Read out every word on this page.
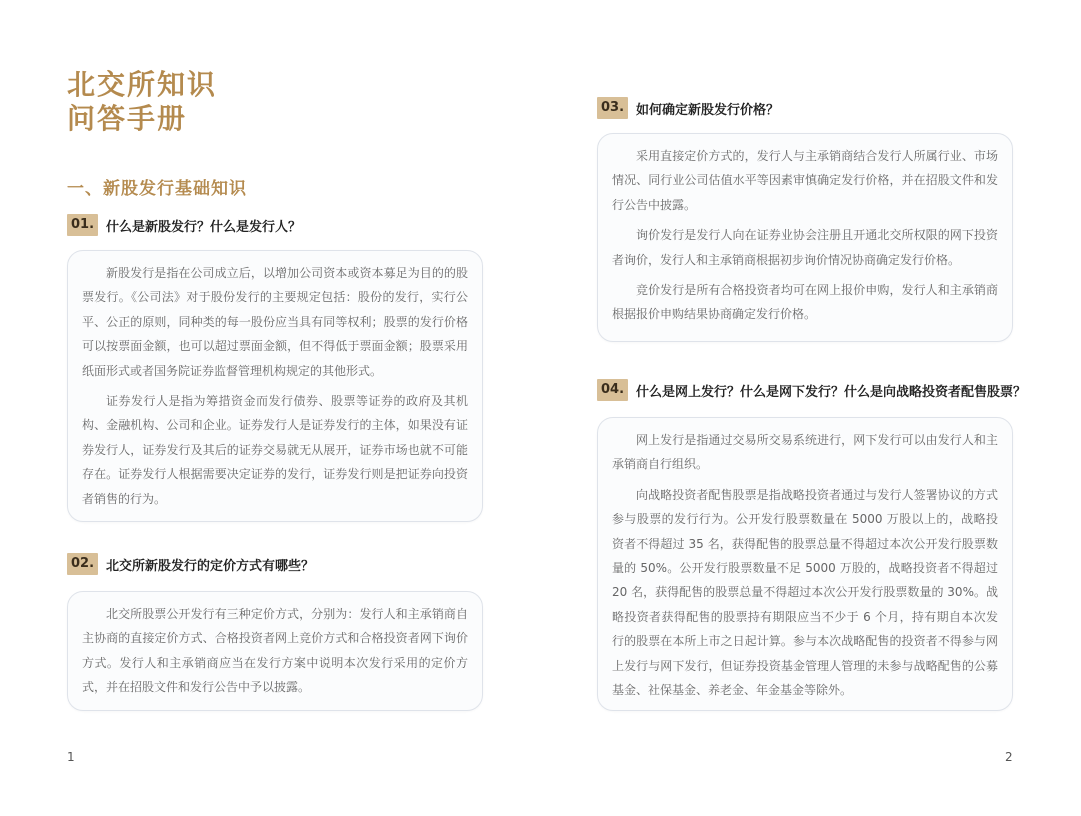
北交所知识
问答手册
一、新股发行基础知识
01. 什么是新股发行？什么是发行人？

新股发行是指在公司成立后，以增加公司资本或资本募足为目的的股票发行。《公司法》对于股份发行的主要规定包括：股份的发行，实行公平、公正的原则，同种类的每一股份应当具有同等权利；股票的发行价格可以按票面金额，也可以超过票面金额，但不得低于票面金额；股票采用纸面形式或者国务院证券监督管理机构规定的其他形式。

证券发行人是指为筹措资金而发行债券、股票等证券的政府及其机构、金融机构、公司和企业。证券发行人是证券发行的主体，如果没有证券发行人，证券发行及其后的证券交易就无从展开，证券市场也就不可能存在。证券发行人根据需要决定证券的发行，证券发行则是把证券向投资者销售的行为。

02. 北交所新股发行的定价方式有哪些？

北交所股票公开发行有三种定价方式，分别为：发行人和主承销商自主协商的直接定价方式、合格投资者网上竞价方式和合格投资者网下询价方式。发行人和主承销商应当在发行方案中说明本次发行采用的定价方式，并在招股文件和发行公告中予以披露。

1
03. 如何确定新股发行价格？

采用直接定价方式的，发行人与主承销商结合发行人所属行业、市场情况、同行业公司估值水平等因素审慎确定发行价格，并在招股文件和发行公告中披露。

询价发行是发行人向在证券业协会注册且开通北交所权限的网下投资者询价，发行人和主承销商根据初步询价情况协商确定发行价格。

竞价发行是所有合格投资者均可在网上报价申购，发行人和主承销商根据报价申购结果协商确定发行价格。

04. 什么是网上发行？什么是网下发行？什么是向战略投资者配售股票？

网上发行是指通过交易所交易系统进行，网下发行可以由发行人和主承销商自行组织。

向战略投资者配售股票是指战略投资者通过与发行人签署协议的方式参与股票的发行行为。公开发行股票数量在 5000 万股以上的，战略投资者不得超过 35 名，获得配售的股票总量不得超过本次公开发行股票数量的 50%。公开发行股票数量不足 5000 万股的，战略投资者不得超过 20 名，获得配售的股票总量不得超过本次公开发行股票数量的 30%。战略投资者获得配售的股票持有期限应当不少于 6 个月，持有期自本次发行的股票在本所上市之日起计算。参与本次战略配售的投资者不得参与网上发行与网下发行，但证券投资基金管理人管理的未参与战略配售的公募基金、社保基金、养老金、年金基金等除外。

2
